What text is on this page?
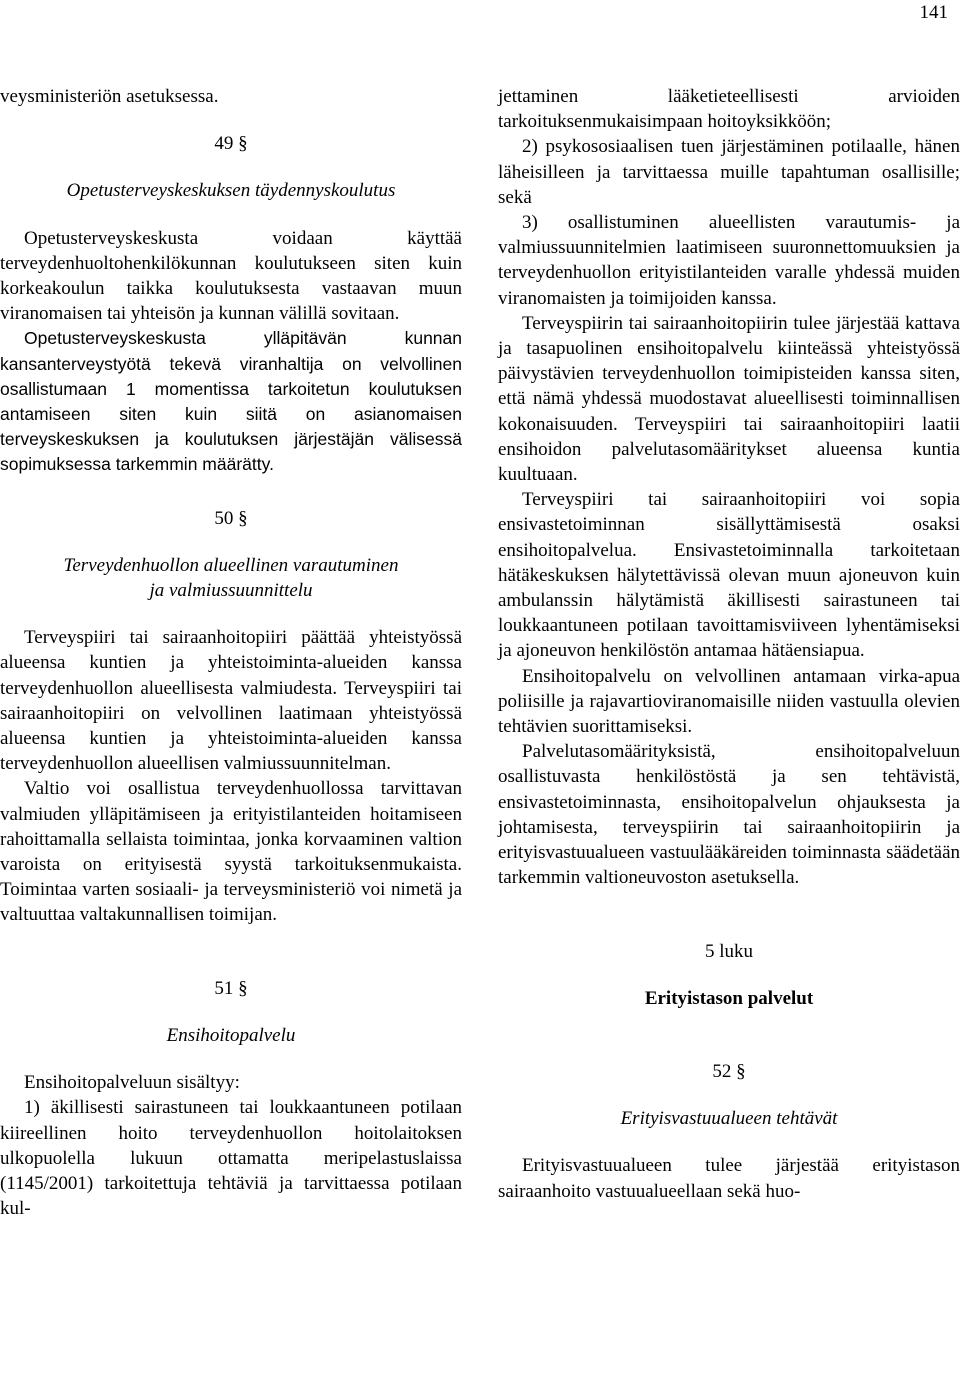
141

veysministeriön asetuksessa.

49 §
Opetusterveyskeskuksen täydennyskoulutus

Opetusterveyskeskusta voidaan käyttää terveydenhuoltohenkilökunnan koulutukseen siten kuin korkeakoulun taikka koulutuksesta vastaavan muun viranomaisen tai yhteisön ja kunnan välillä sovitaan.

Opetusterveyskeskusta ylläpitävän kunnan kansanterveystyötä tekevä viranhaltija on velvollinen osallistumaan 1 momentissa tarkoitetun koulutuksen antamiseen siten kuin siitä on asianomaisen terveyskeskuksen ja koulutuksen järjestäjän välisessä sopimuksessa tarkemmin määrätty.

50 §
Terveydenhuollon alueellinen varautuminen
ja valmiussuunnittelu

Terveyspiiri tai sairaanhoitopiiri päättää yhteistyössä alueensa kuntien ja yhteistoiminta-alueiden kanssa terveydenhuollon alueellisesta valmiudesta. Terveyspiiri tai sairaanhoitopiiri on velvollinen laatimaan yhteistyössä alueensa kuntien ja yhteistoiminta-alueiden kanssa terveydenhuollon alueellisen valmiussuunnitelman.

Valtio voi osallistua terveydenhuollossa tarvittavan valmiuden ylläpitämiseen ja erityistilanteiden hoitamiseen rahoittamalla sellaista toimintaa, jonka korvaaminen valtion varoista on erityisestä syystä tarkoituksenmukaista. Toimintaa varten sosiaali- ja terveysministeriö voi nimetä ja valtuuttaa valtakunnallisen toimijan.

51 §
Ensihoitopalvelu

Ensihoitopalveluun sisältyy:

1) äkillisesti sairastuneen tai loukkaantuneen potilaan kiireellinen hoito terveydenhuollon hoitolaitoksen ulkopuolella lukuun ottamatta meripelastuslaissa (1145/2001) tarkoitettuja tehtäviä ja tarvittaessa potilaan kul-

jettaminen lääketieteellisesti arvioiden tarkoituksenmukaisimpaan hoitoyksikköön;

2) psykososiaalisen tuen järjestäminen potilaalle, hänen läheisilleen ja tarvittaessa muille tapahtuman osallisille; sekä

3) osallistuminen alueellisten varautumis- ja valmiussuunnitelmien laatimiseen suuronnettomuuksien ja terveydenhuollon erityistilanteiden varalle yhdessä muiden viranomaisten ja toimijoiden kanssa.

Terveyspiirin tai sairaanhoitopiirin tulee järjestää kattava ja tasapuolinen ensihoitopalvelu kiinteässä yhteistyössä päivystävien terveydenhuollon toimipisteiden kanssa siten, että nämä yhdessä muodostavat alueellisesti toiminnallisen kokonaisuuden. Terveyspiiri tai sairaanhoitopiiri laatii ensihoidon palvelutasomääritykset alueensa kuntia kuultuaan.

Terveyspiiri tai sairaanhoitopiiri voi sopia ensivastetoiminnan sisällyttämisestä osaksi ensihoitopalvelua. Ensivastetoiminnalla tarkoitetaan hätäkeskuksen hälytettävissä olevan muun ajoneuvon kuin ambulanssin hälytämistä äkillisesti sairastuneen tai loukkaantuneen potilaan tavoittamisviiveen lyhentämiseksi ja ajoneuvon henkilöstön antamaa hätäensiapua.

Ensihoitopalvelu on velvollinen antamaan virka-apua poliisille ja rajavartioviranomaisille niiden vastuulla olevien tehtävien suorittamiseksi.

Palvelutasomäärityksistä, ensihoitopalveluun osallistuvasta henkilöstöstä ja sen tehtävistä, ensivastetoiminnasta, ensihoitopalvelun ohjauksesta ja johtamisesta, terveyspiirin tai sairaanhoitopiirin ja erityisvastuualueen vastuulääkäreiden toiminnasta säädetään tarkemmin valtioneuvoston asetuksella.

5 luku
Erityistason palvelut
52 §
Erityisvastuualueen tehtävät

Erityisvastuualueen tulee järjestää erityistason sairaanhoito vastuualueellaan sekä huo-
